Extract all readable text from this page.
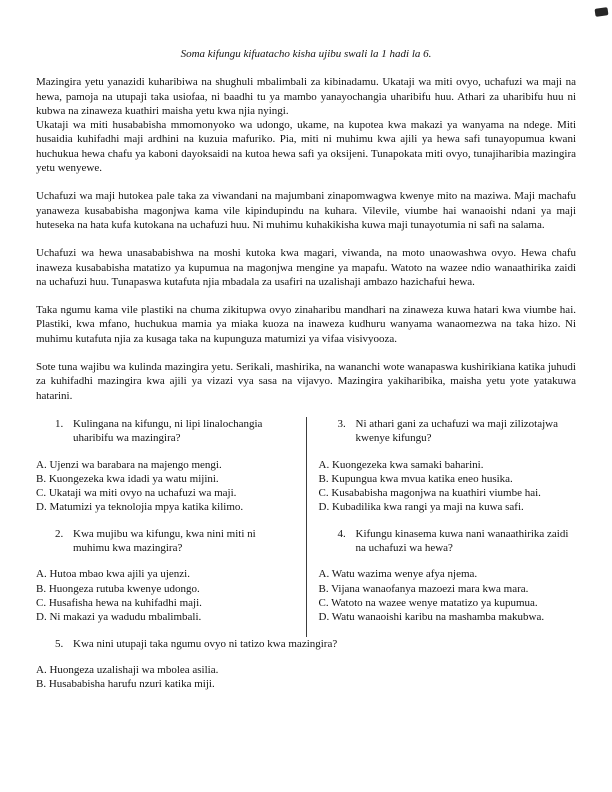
Soma kifungu kifuatacho kisha ujibu swali la 1 hadi la 6.

Mazingira yetu yanazidi kuharibiwa na shughuli mbalimbali za kibinadamu. Ukataji wa miti ovyo, uchafuzi wa maji na hewa, pamoja na utupaji taka usiofaa, ni baadhi tu ya mambo yanayochangia uharibifu huu. Athari za uharibifu huu ni kubwa na zinaweza kuathiri maisha yetu kwa njia nyingi.

Ukataji wa miti husababisha mmomonyoko wa udongo, ukame, na kupotea kwa makazi ya wanyama na ndege. Miti husaidia kuhifadhi maji ardhini na kuzuia mafuriko. Pia, miti ni muhimu kwa ajili ya hewa safi tunayopumua kwani huchukua hewa chafu ya kaboni dayoksaidi na kutoa hewa safi ya oksijeni. Tunapokata miti ovyo, tunajiharibia mazingira yetu wenyewe.

Uchafuzi wa maji hutokea pale taka za viwandani na majumbani zinapomwagwa kwenye mito na maziwa. Maji machafu yanaweza kusababisha magonjwa kama vile kipindupindu na kuhara. Vilevile, viumbe hai wanaoishi ndani ya maji huteseka na hata kufa kutokana na uchafuzi huu. Ni muhimu kuhakikisha kuwa maji tunayotumia ni safi na salama.

Uchafuzi wa hewa unasababishwa na moshi kutoka kwa magari, viwanda, na moto unaowashwa ovyo. Hewa chafu inaweza kusababisha matatizo ya kupumua na magonjwa mengine ya mapafu. Watoto na wazee ndio wanaathirika zaidi na uchafuzi huu. Tunapaswa kutafuta njia mbadala za usafiri na uzalishaji ambazo hazichafui hewa.

Taka ngumu kama vile plastiki na chuma zikitupwa ovyo zinaharibu mandhari na zinaweza kuwa hatari kwa viumbe hai. Plastiki, kwa mfano, huchukua mamia ya miaka kuoza na inaweza kudhuru wanyama wanaomezwa na taka hizo. Ni muhimu kutafuta njia za kusaga taka na kupunguza matumizi ya vifaa visivyooza.

Sote tuna wajibu wa kulinda mazingira yetu. Serikali, mashirika, na wananchi wote wanapaswa kushirikiana katika juhudi za kuhifadhi mazingira kwa ajili ya vizazi vya sasa na vijavyo. Mazingira yakiharibika, maisha yetu yote yatakuwa hatarini.

1. Kulingana na kifungu, ni lipi linalochangia uharibifu wa mazingira?
A. Ujenzi wa barabara na majengo mengi.
B. Kuongezeka kwa idadi ya watu mijini.
C. Ukataji wa miti ovyo na uchafuzi wa maji.
D. Matumizi ya teknolojia mpya katika kilimo.
2. Kwa mujibu wa kifungu, kwa nini miti ni muhimu kwa mazingira?
A. Hutoa mbao kwa ajili ya ujenzi.
B. Huongeza rutuba kwenye udongo.
C. Husafisha hewa na kuhifadhi maji.
D. Ni makazi ya wadudu mbalimbali.
3. Ni athari gani za uchafuzi wa maji zilizotajwa kwenye kifungu?
A. Kuongezeka kwa samaki baharini.
B. Kupungua kwa mvua katika eneo husika.
C. Kusababisha magonjwa na kuathiri viumbe hai.
D. Kubadilika kwa rangi ya maji na kuwa safi.
4. Kifungu kinasema kuwa nani wanaathirika zaidi na uchafuzi wa hewa?
A. Watu wazima wenye afya njema.
B. Vijana wanaofanya mazoezi mara kwa mara.
C. Watoto na wazee wenye matatizo ya kupumua.
D. Watu wanaoishi karibu na mashamba makubwa.
5. Kwa nini utupaji taka ngumu ovyo ni tatizo kwa mazingira?
A. Huongeza uzalishaji wa mbolea asilia.
B. Husababisha harufu nzuri katika miji.
